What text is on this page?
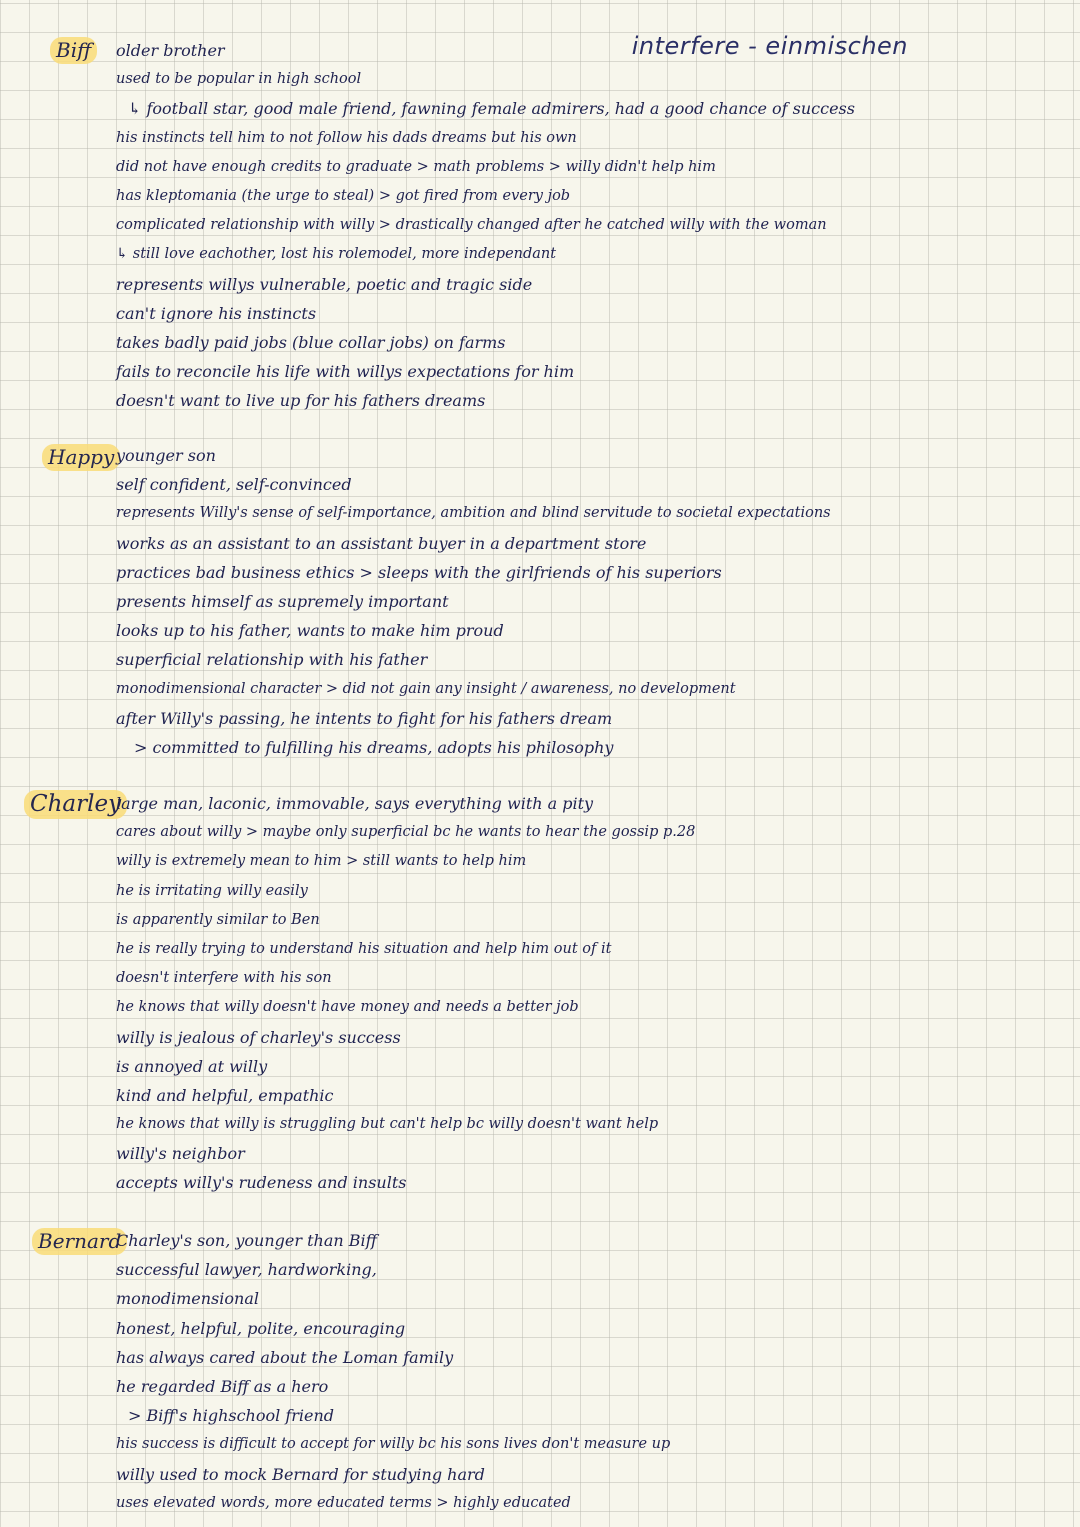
interfere - einmischen
Biff	older brother
used to be popular in high school
↳ football star, good male friend, fawning female admirers, had a good chance of success
his instincts tell him to not follow his dads dreams but his own
did not have enough credits to graduate > math problems > willy didn't help him
has kleptomania (the urge to steal) > got fired from every job
complicated relationship with willy > drastically changed after he catched willy with the woman
↳ still love eachother, lost his rolemodel, more independant
represents willys vulnerable, poetic and tragic side
can't ignore his instincts
takes badly paid jobs (blue collar jobs) on farms
fails to reconcile his life with willys expectations for him
doesn't want to live up for his fathers dreams
Happy younger son
self confident, self-convinced
represents Willy's sense of self-importance, ambition and blind servitude to societal expectations
works as an assistant to an assistant buyer in a department store
practices bad business ethics > sleeps with the girlfriends of his superiors
presents himself as supremely important
looks up to his father, wants to make him proud
superficial relationship with his father
monodimensional character > did not gain any insight / awareness, no development
after Willy's passing, he intents to fight for his fathers dream
> committed to fulfilling his dreams, adopts his philosophy
Charley
large man, laconic, immovable, says everything with a pity
cares about willy > maybe only superficial bc he wants to hear the gossip p.28
willy is extremely mean to him > still wants to help him
he is irritating willy easily
is apparently similar to Ben
he is really trying to understand his situation and help him out of it
doesn't interfere with his son
he knows that willy doesn't have money and needs a better job
willy is jealous of charley's success
is annoyed at willy
kind and helpful, empathic
he knows that willy is struggling but can't help bc willy doesn't want help
willy's neighbor
accepts willy's rudeness and insults
Bernard
Charley's son, younger than Biff
successful lawyer, hardworking,
monodimensional
honest, helpful, polite, encouraging
has always cared about the Loman family
he regarded Biff as a hero
> Biff's highschool friend
his success is difficult to accept for willy bc his sons lives don't measure up
willy used to mock Bernard for studying hard
uses elevated words, more educated terms > highly educated
